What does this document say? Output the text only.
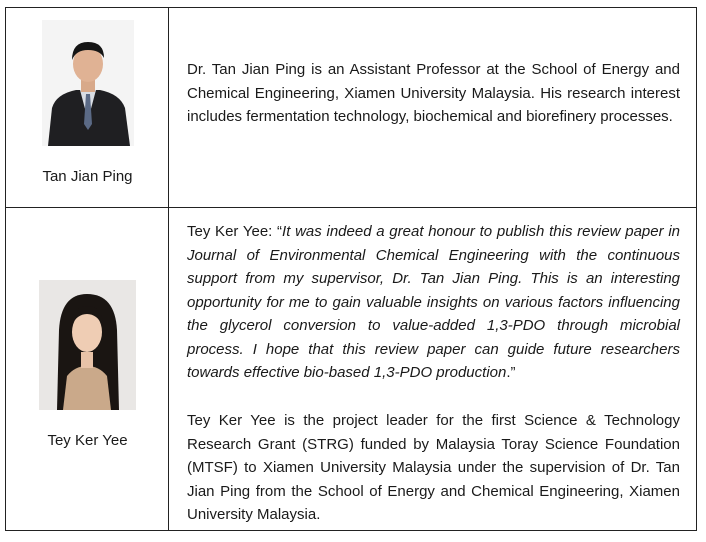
Tan Jian Ping

Dr. Tan Jian Ping is an Assistant Professor at the School of Energy and Chemical Engineering, Xiamen University Malaysia. His research interest includes fermentation technology, biochemical and biorefinery processes.

Tey Ker Yee

Tey Ker Yee: “It was indeed a great honour to publish this review paper in Journal of Environmental Chemical Engineering with the continuous support from my supervisor, Dr. Tan Jian Ping. This is an interesting opportunity for me to gain valuable insights on various factors influencing the glycerol conversion to value-added 1,3-PDO through microbial process. I hope that this review paper can guide future researchers towards effective bio-based 1,3-PDO production.”

Tey Ker Yee is the project leader for the first Science & Technology Research Grant (STRG) funded by Malaysia Toray Science Foundation (MTSF) to Xiamen University Malaysia under the supervision of Dr. Tan Jian Ping from the School of Energy and Chemical Engineering, Xiamen University Malaysia.
